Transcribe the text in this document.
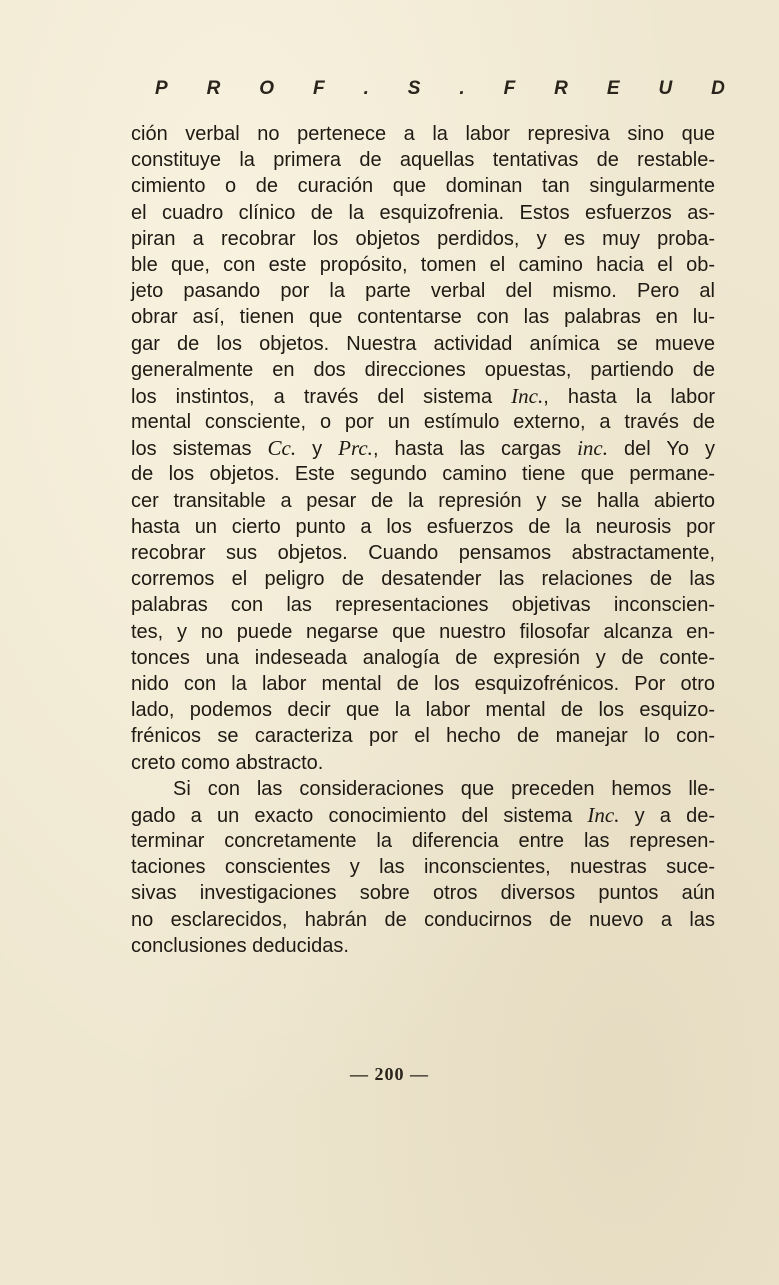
P R O F . S . F R E U D
ción verbal no pertenece a la labor represiva sino que
constituye la primera de aquellas tentativas de restable-
cimiento o de curación que dominan tan singularmente
el cuadro clínico de la esquizofrenia. Estos esfuerzos as-
piran a recobrar los objetos perdidos, y es muy proba-
ble que, con este propósito, tomen el camino hacia el ob-
jeto pasando por la parte verbal del mismo. Pero al
obrar así, tienen que contentarse con las palabras en lu-
gar de los objetos. Nuestra actividad anímica se mueve
generalmente en dos direcciones opuestas, partiendo de
los instintos, a través del sistema Inc., hasta la labor
mental consciente, o por un estímulo externo, a través de
los sistemas Cc. y Prc., hasta las cargas inc. del Yo y
de los objetos. Este segundo camino tiene que permane-
cer transitable a pesar de la represión y se halla abierto
hasta un cierto punto a los esfuerzos de la neurosis por
recobrar sus objetos. Cuando pensamos abstractamente,
corremos el peligro de desatender las relaciones de las
palabras con las representaciones objetivas inconscien-
tes, y no puede negarse que nuestro filosofar alcanza en-
tonces una indeseada analogía de expresión y de conte-
nido con la labor mental de los esquizofrénicos. Por otro
lado, podemos decir que la labor mental de los esquizo-
frénicos se caracteriza por el hecho de manejar lo con-
creto como abstracto.
Si con las consideraciones que preceden hemos lle-
gado a un exacto conocimiento del sistema Inc. y a de-
terminar concretamente la diferencia entre las represen-
taciones conscientes y las inconscientes, nuestras suce-
sivas investigaciones sobre otros diversos puntos aún
no esclarecidos, habrán de conducirnos de nuevo a las
conclusiones deducidas.
— 200 —
